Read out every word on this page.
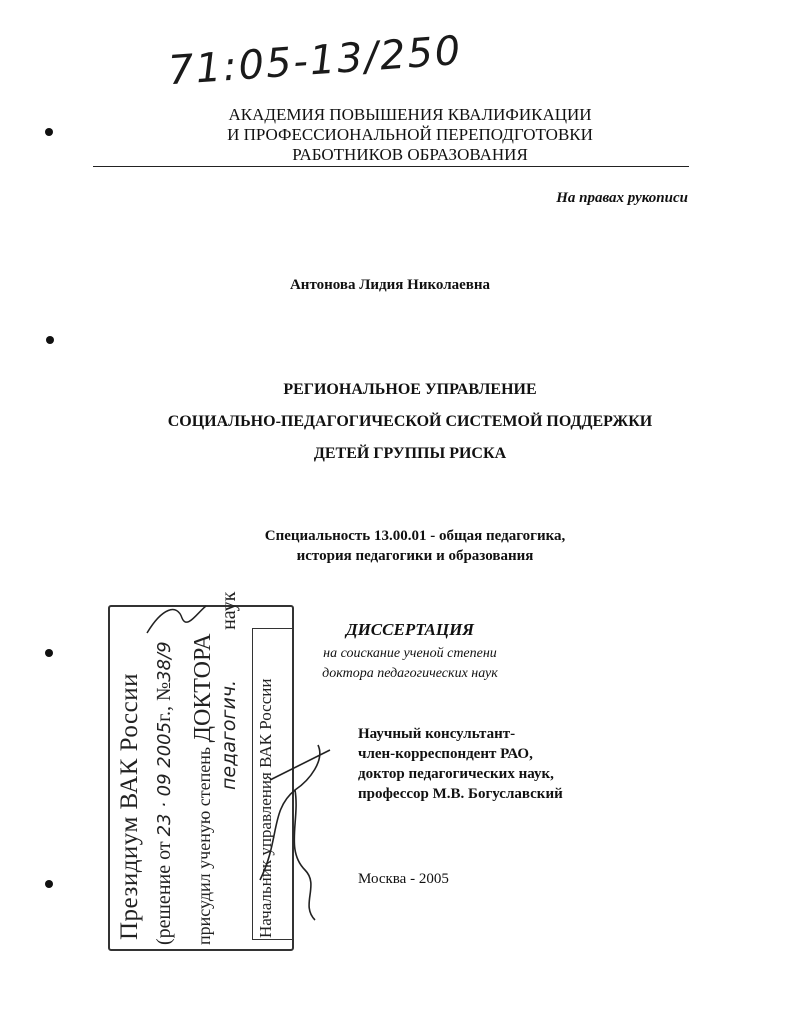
71:05-13/250
АКАДЕМИЯ ПОВЫШЕНИЯ КВАЛИФИКАЦИИ
И ПРОФЕССИОНАЛЬНОЙ ПЕРЕПОДГОТОВКИ
РАБОТНИКОВ ОБРАЗОВАНИЯ
На правах рукописи
Антонова Лидия Николаевна
РЕГИОНАЛЬНОЕ УПРАВЛЕНИЕ
СОЦИАЛЬНО-ПЕДАГОГИЧЕСКОЙ СИСТЕМОЙ ПОДДЕРЖКИ
ДЕТЕЙ ГРУППЫ РИСКА
Специальность 13.00.01 - общая педагогика,
история педагогики и образования
ДИССЕРТАЦИЯ
на соискание ученой степени
доктора педагогических наук
Научный консультант-
член-корреспондент РАО,
доктор педагогических наук,
профессор М.В. Богуславский
Москва - 2005
Президиум ВАК России (решение от 23 · 09 2005г., №38/9
присудил ученую степень ДОКТОРА педагогич.  наук
Начальник управления ВАК России
